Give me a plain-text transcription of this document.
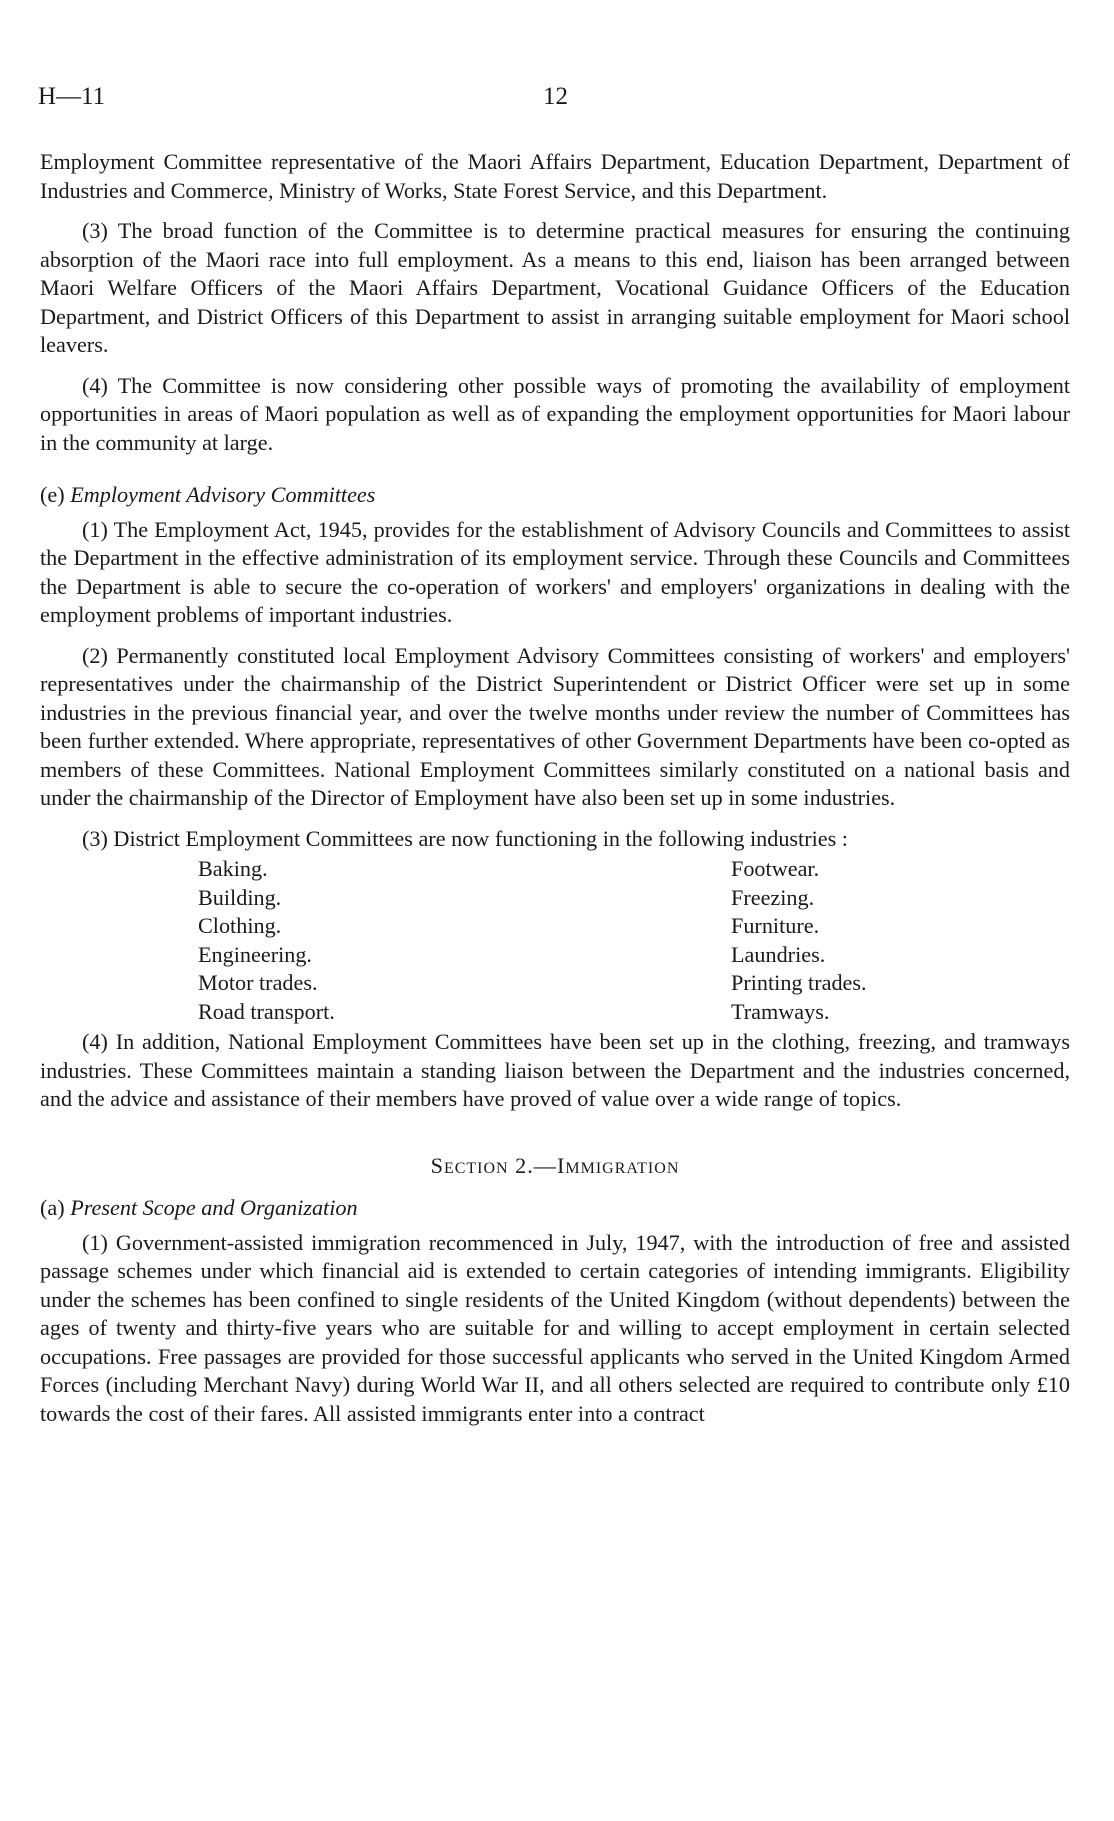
H—11	12

Employment Committee representative of the Maori Affairs Department, Education Department, Department of Industries and Commerce, Ministry of Works, State Forest Service, and this Department.

(3) The broad function of the Committee is to determine practical measures for ensuring the continuing absorption of the Maori race into full employment. As a means to this end, liaison has been arranged between Maori Welfare Officers of the Maori Affairs Department, Vocational Guidance Officers of the Education Department, and District Officers of this Department to assist in arranging suitable employment for Maori school leavers.

(4) The Committee is now considering other possible ways of promoting the availability of employment opportunities in areas of Maori population as well as of expanding the employment opportunities for Maori labour in the community at large.

(e) Employment Advisory Committees

(1) The Employment Act, 1945, provides for the establishment of Advisory Councils and Committees to assist the Department in the effective administration of its employment service. Through these Councils and Committees the Department is able to secure the co-operation of workers' and employers' organizations in dealing with the employment problems of important industries.

(2) Permanently constituted local Employment Advisory Committees consisting of workers' and employers' representatives under the chairmanship of the District Superintendent or District Officer were set up in some industries in the previous financial year, and over the twelve months under review the number of Committees has been further extended. Where appropriate, representatives of other Government Departments have been co-opted as members of these Committees. National Employment Committees similarly constituted on a national basis and under the chairmanship of the Director of Employment have also been set up in some industries.

(3) District Employment Committees are now functioning in the following industries :

Baking.
Building.
Clothing.
Engineering.
Motor trades.
Road transport.
Footwear.
Freezing.
Furniture.
Laundries.
Printing trades.
Tramways.

(4) In addition, National Employment Committees have been set up in the clothing, freezing, and tramways industries. These Committees maintain a standing liaison between the Department and the industries concerned, and the advice and assistance of their members have proved of value over a wide range of topics.

Section 2.—Immigration
(a) Present Scope and Organization

(1) Government-assisted immigration recommenced in July, 1947, with the introduction of free and assisted passage schemes under which financial aid is extended to certain categories of intending immigrants. Eligibility under the schemes has been confined to single residents of the United Kingdom (without dependents) between the ages of twenty and thirty-five years who are suitable for and willing to accept employment in certain selected occupations. Free passages are provided for those successful applicants who served in the United Kingdom Armed Forces (including Merchant Navy) during World War II, and all others selected are required to contribute only £10 towards the cost of their fares. All assisted immigrants enter into a contract
